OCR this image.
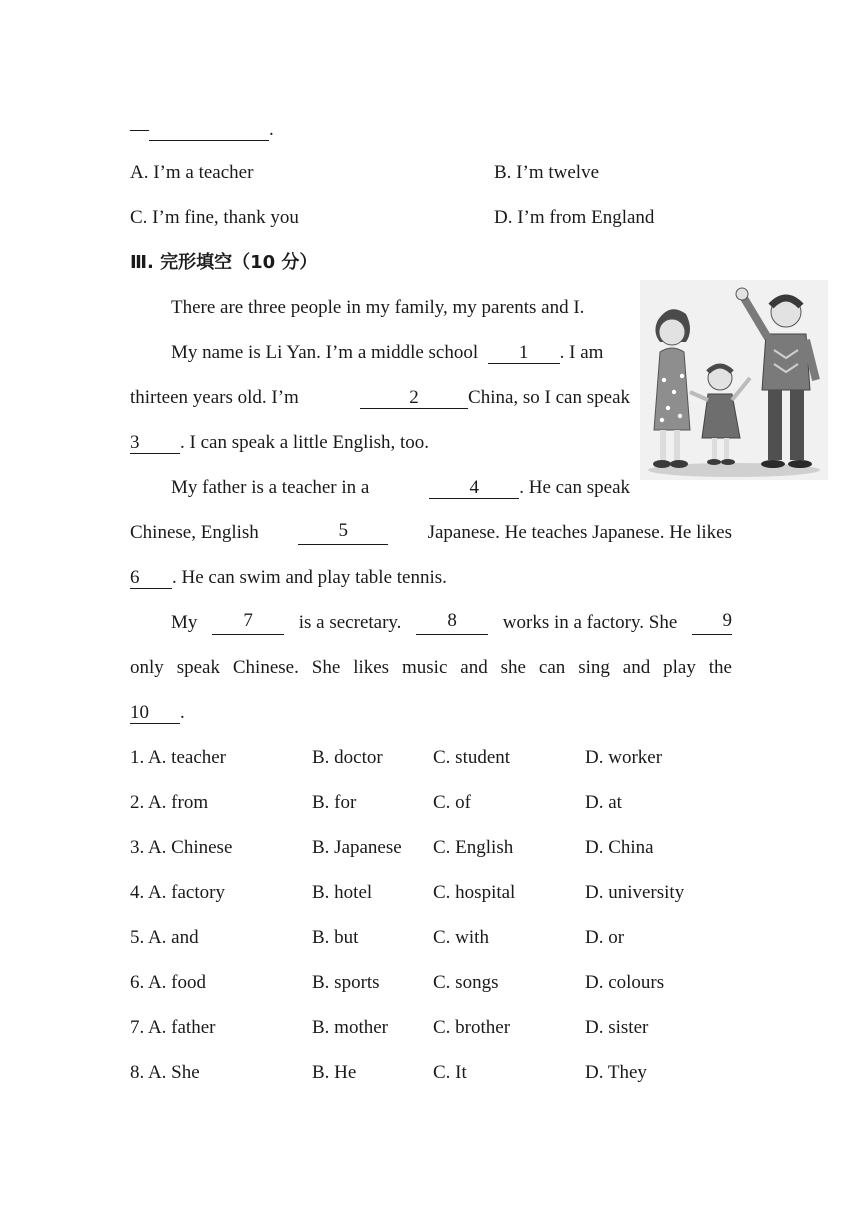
—	.
A. I’m a teacher	B. I’m twelve
C. I’m fine, thank you	D. I’m from England
Ⅲ. 完形填空（10 分）
There are three people in my family, my parents and I.
My name is Li Yan. I’m a middle school 1 . I am
thirteen years old. I’m	2	China, so I can speak
3 . I can speak a little English, too.
My father is a teacher in a	4 . He can speak
Chinese, English	5	Japanese. He teaches Japanese. He likes
6 . He can swim and play table tennis.
My	7	is a secretary.	8	works in a factory. She	9
only speak Chinese. She likes music and she can sing and play the
10 .
1. A. teacher	B. doctor	C. student	D. worker
2. A. from	B. for	C. of	D. at
3. A. Chinese	B. Japanese C. English	D. China
4. A. factory	B. hotel	C. hospital	D. university
5. A. and	B. but	C. with	D. or
6. A. food	B. sports	C. songs	D. colours
7. A. father	B. mother C. brother	D. sister
8. A. She	B. He	C. It	D. They
